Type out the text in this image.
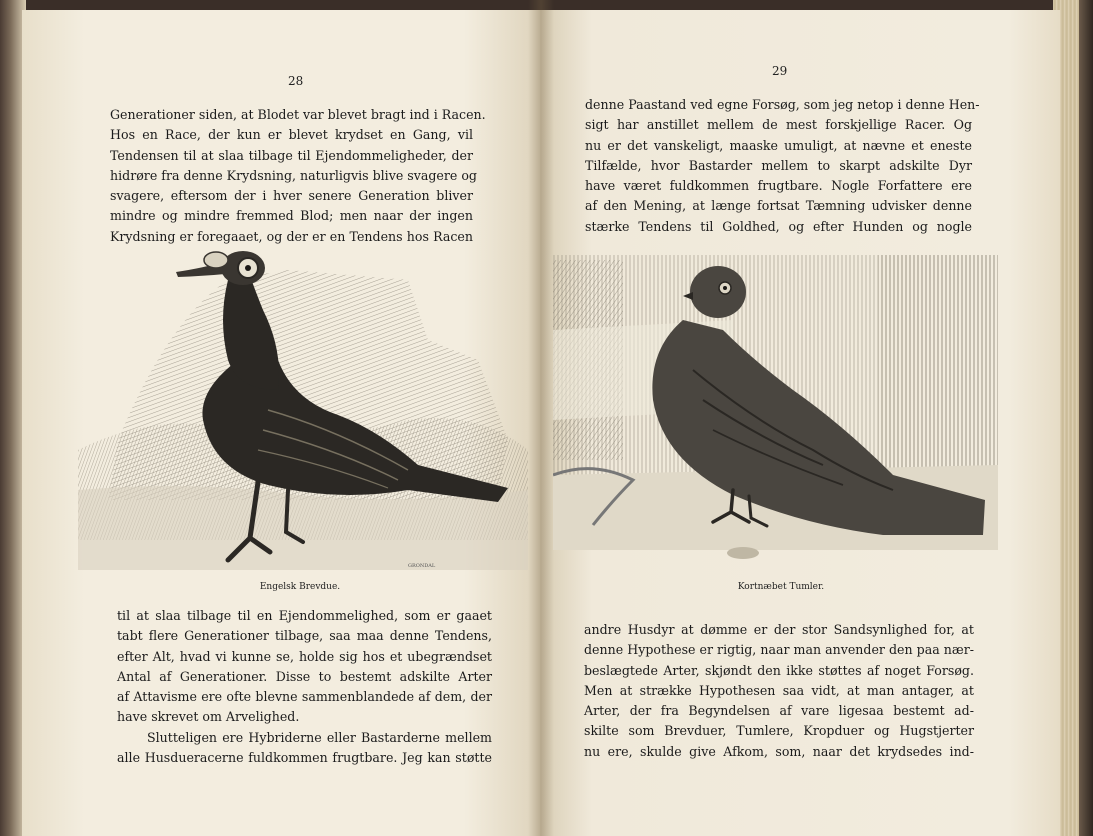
28
Generationer siden, at Blodet var blevet bragt ind i Racen.
Hos en Race, der kun er blevet krydset en Gang, vil
Tendensen til at slaa tilbage til Ejendommeligheder, der
hidrøre fra denne Krydsning, naturligvis blive svagere og
svagere, eftersom der i hver senere Generation bliver
mindre og mindre fremmed Blod; men naar der ingen
Krydsning er foregaaet, og der er en Tendens hos Racen
GRONDAL
Engelsk Brevdue.
til at slaa tilbage til en Ejendommelighed, som er gaaet
tabt flere Generationer tilbage, saa maa denne Tendens,
efter Alt, hvad vi kunne se, holde sig hos et ubegrændset
Antal af Generationer. Disse to bestemt adskilte Arter
af Attavisme ere ofte blevne sammenblandede af dem, der
have skrevet om Arvelighed.
Slutteligen ere Hybriderne eller Bastarderne mellem
alle Husdueracerne fuldkommen frugtbare. Jeg kan støtte
29
denne Paastand ved egne Forsøg, som jeg netop i denne Hen-
sigt har anstillet mellem de mest forskjellige Racer. Og
nu er det vanskeligt, maaske umuligt, at nævne et eneste
Tilfælde, hvor Bastarder mellem to skarpt adskilte Dyr
have været fuldkommen frugtbare. Nogle Forfattere ere
af den Mening, at længe fortsat Tæmning udvisker denne
stærke Tendens til Goldhed, og efter Hunden og nogle
Kortnæbet Tumler.
andre Husdyr at dømme er der stor Sandsynlighed for, at
denne Hypothese er rigtig, naar man anvender den paa nær-
beslægtede Arter, skjøndt den ikke støttes af noget Forsøg.
Men at strække Hypothesen saa vidt, at man antager, at
Arter, der fra Begyndelsen af vare ligesaa bestemt ad-
skilte som Brevduer, Tumlere, Kropduer og Hugstjerter
nu ere, skulde give Afkom, som, naar det krydsedes ind-
